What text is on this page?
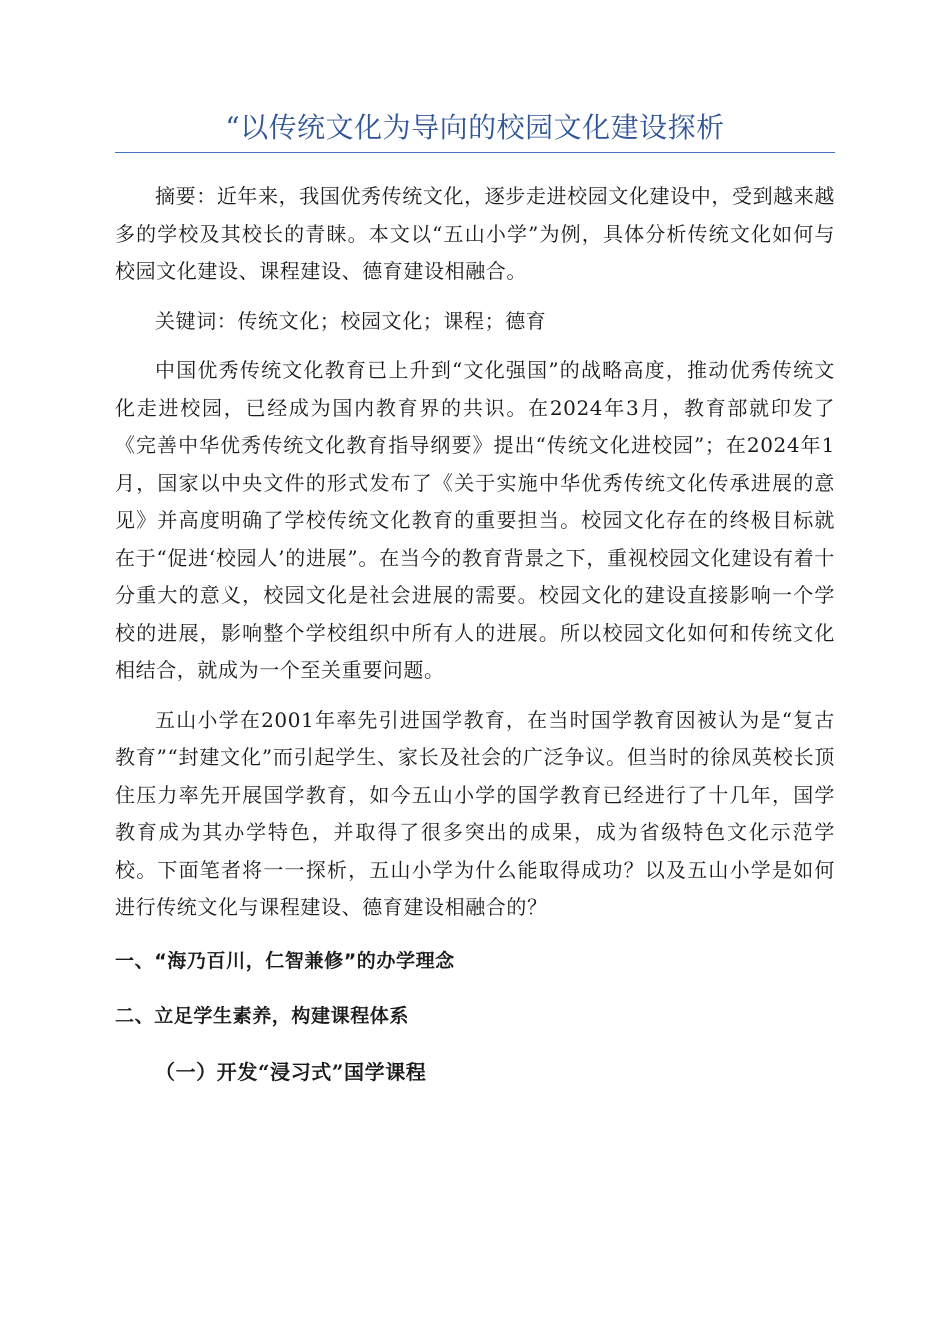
“以传统文化为导向的校园文化建设探析

摘要：近年来，我国优秀传统文化，逐步走进校园文化建设中，受到越来越多的学校及其校长的青睐。本文以“五山小学”为例，具体分析传统文化如何与校园文化建设、课程建设、德育建设相融合。

关键词：传统文化；校园文化；课程；德育

中国优秀传统文化教育已上升到“文化强国”的战略高度，推动优秀传统文化走进校园，已经成为国内教育界的共识。在2024年3月，教育部就印发了《完善中华优秀传统文化教育指导纲要》提出“传统文化进校园”；在2024年1月，国家以中央文件的形式发布了《关于实施中华优秀传统文化传承进展的意见》并高度明确了学校传统文化教育的重要担当。校园文化存在的终极目标就在于“促进‘校园人’的进展”。在当今的教育背景之下，重视校园文化建设有着十分重大的意义，校园文化是社会进展的需要。校园文化的建设直接影响一个学校的进展，影响整个学校组织中所有人的进展。所以校园文化如何和传统文化相结合，就成为一个至关重要问题。

五山小学在2001年率先引进国学教育，在当时国学教育因被认为是“复古教育”“封建文化”而引起学生、家长及社会的广泛争议。但当时的徐凤英校长顶住压力率先开展国学教育，如今五山小学的国学教育已经进行了十几年，国学教育成为其办学特色，并取得了很多突出的成果，成为省级特色文化示范学校。下面笔者将一一探析，五山小学为什么能取得成功？以及五山小学是如何进行传统文化与课程建设、德育建设相融合的？

一、“海乃百川，仁智兼修”的办学理念
二、立足学生素养，构建课程体系
（一）开发“浸习式”国学课程
